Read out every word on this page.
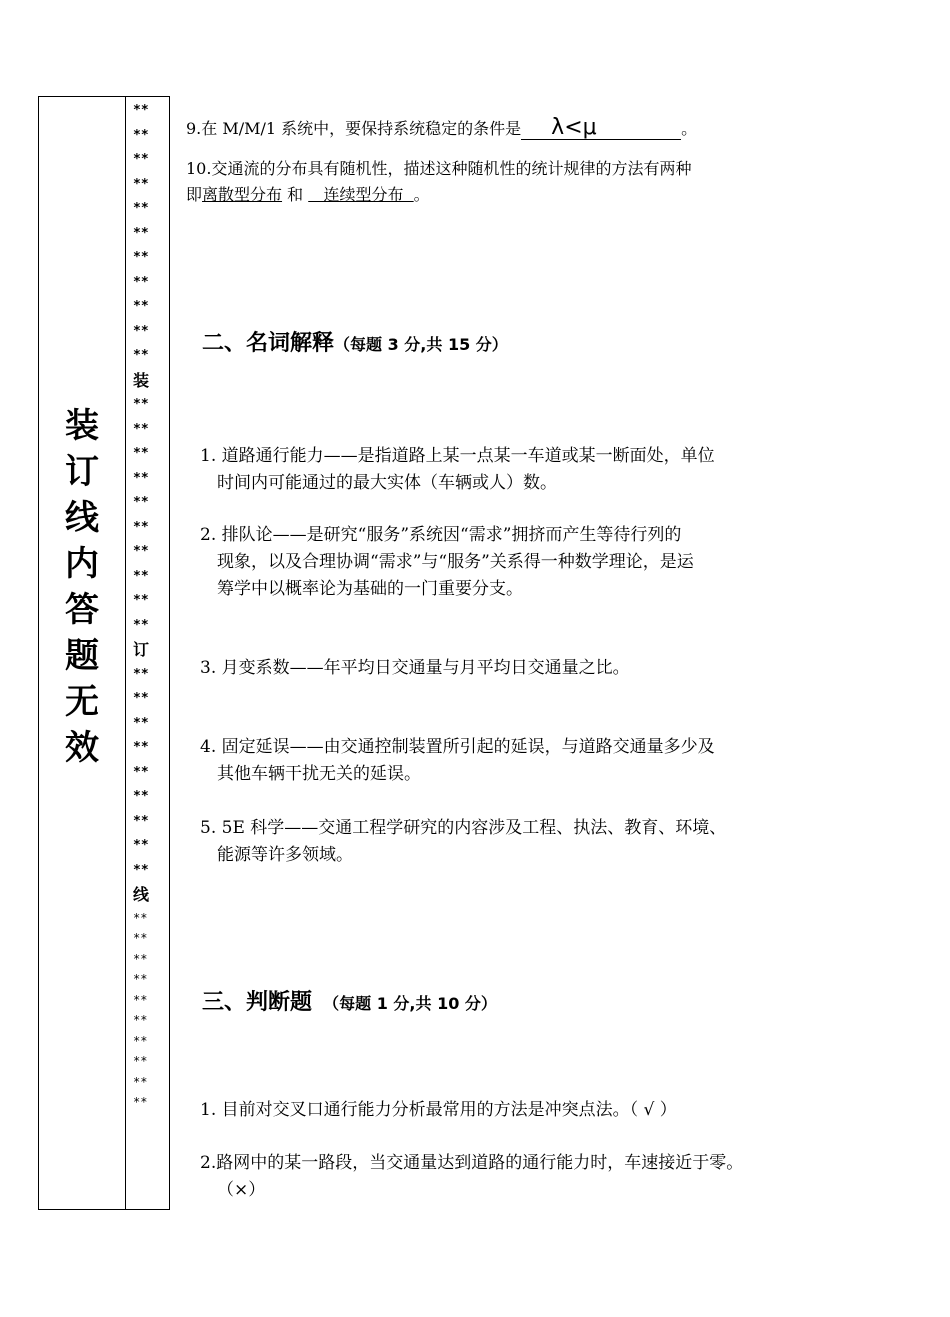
装
订
线
内
答
题
无
效
**
**
**
**
**
**
**
**
**
**
**
装
**
**
**
**
**
**
**
**
**
**
订
**
**
**
**
**
**
**
**
**
线
**
**
**
**
**
**
**
**
**
**
9.在 M/M/1 系统中，要保持系统稳定的条件是 λ<μ	。
10.交通流的分布具有随机性，描述这种随机性的统计规律的方法有两种
即离散型分布 和    连续型分布  。
二、名词解释（每题 3 分,共 15 分）
1. 道路通行能力——是指道路上某一点某一车道或某一断面处，单位
时间内可能通过的最大实体（车辆或人）数。
2. 排队论——是研究“服务”系统因“需求”拥挤而产生等待行列的
现象，以及合理协调“需求”与“服务”关系得一种数学理论，是运
筹学中以概率论为基础的一门重要分支。
3. 月变系数——年平均日交通量与月平均日交通量之比。
4. 固定延误——由交通控制装置所引起的延误，与道路交通量多少及
其他车辆干扰无关的延误。
5. 5E 科学——交通工程学研究的内容涉及工程、执法、教育、环境、
能源等许多领域。
三、判断题  （每题 1 分,共 10 分）
1. 目前对交叉口通行能力分析最常用的方法是冲突点法。（ √ ）
2.路网中的某一路段，当交通量达到道路的通行能力时，车速接近于零。
（×）
